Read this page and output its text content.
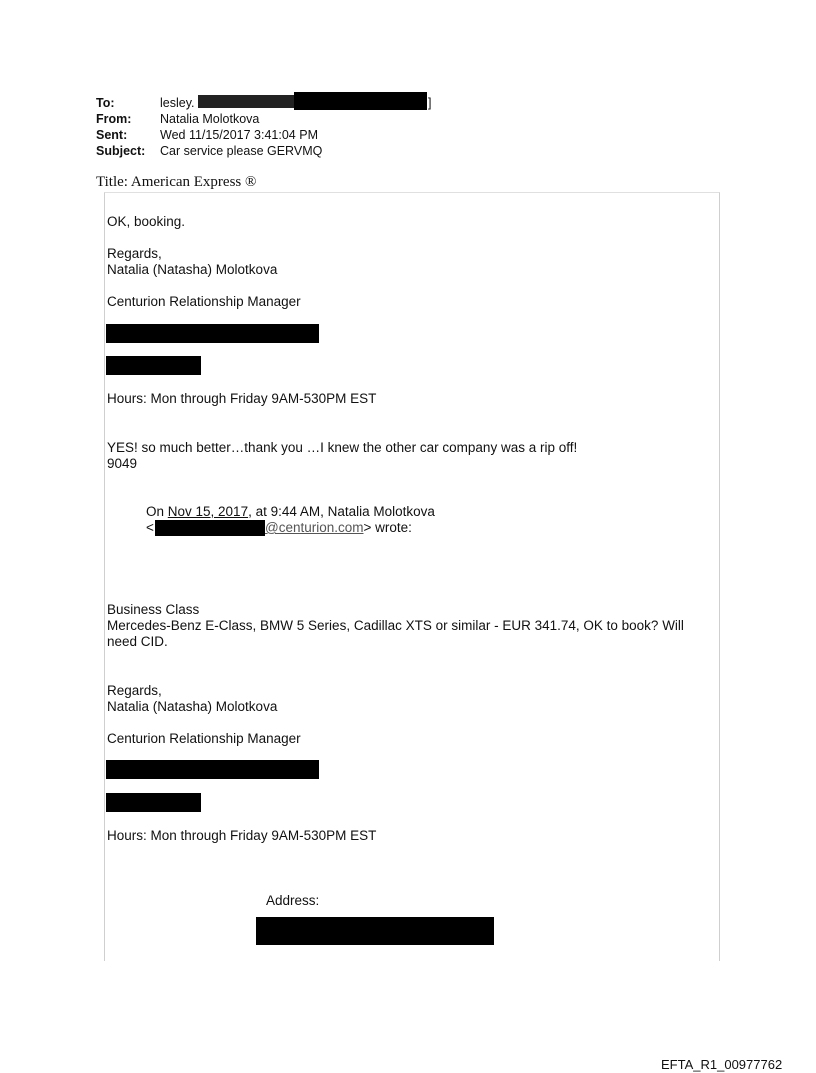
To:	lesley.	]
From: Natalia Molotkova
Sent:	Wed 11/15/2017 3:41:04 PM
Subject: Car service please GERVMQ
Title: American Express ®
OK, booking.
Regards,
Natalia (Natasha) Molotkova
Centurion Relationship Manager
Hours: Mon through Friday 9AM-530PM EST
YES! so much better…thank you …I knew the other car company was a rip off!
9049
On Nov 15, 2017, at 9:44 AM, Natalia Molotkova
<	@centurion.com> wrote:
Business Class
Mercedes-Benz E-Class, BMW 5 Series, Cadillac XTS or similar - EUR 341.74, OK to book? Will
need CID.
Regards,
Natalia (Natasha) Molotkova
Centurion Relationship Manager
Hours: Mon through Friday 9AM-530PM EST
Address:
EFTA_R1_00977762
